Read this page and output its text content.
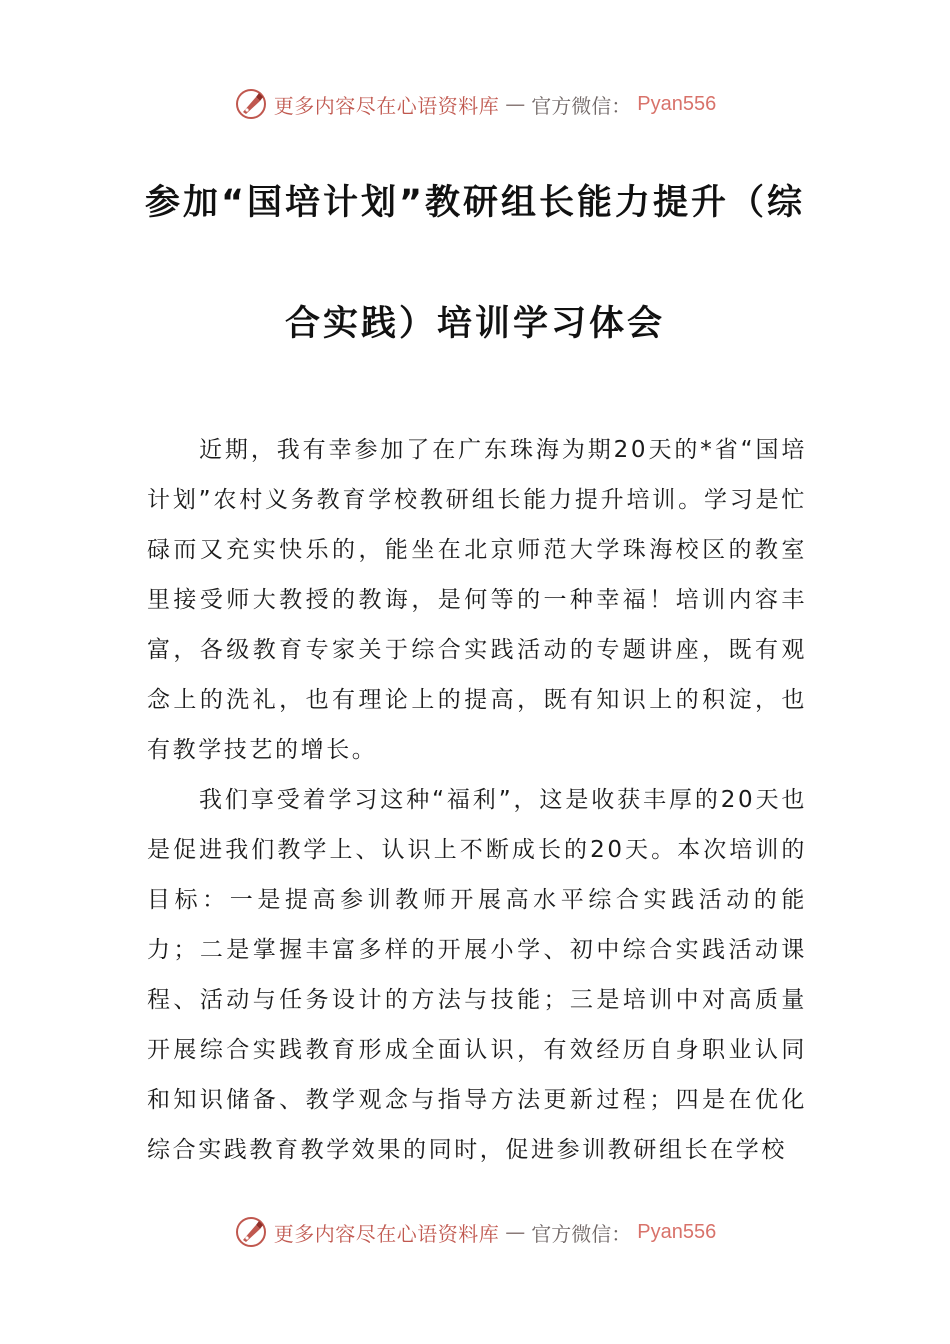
更多内容尽在心语资料库 — 官方微信： Pyan556
参加“国培计划”教研组长能力提升（综
合实践）培训学习体会

近期，我有幸参加了在广东珠海为期20天的*省“国培计划”农村义务教育学校教研组长能力提升培训。学习是忙碌而又充实快乐的，能坐在北京师范大学珠海校区的教室里接受师大教授的教诲，是何等的一种幸福！培训内容丰富，各级教育专家关于综合实践活动的专题讲座，既有观念上的洗礼，也有理论上的提高，既有知识上的积淀，也有教学技艺的增长。

我们享受着学习这种“福利”，这是收获丰厚的20天也是促进我们教学上、认识上不断成长的20天。本次培训的目标：一是提高参训教师开展高水平综合实践活动的能力；二是掌握丰富多样的开展小学、初中综合实践活动课程、活动与任务设计的方法与技能；三是培训中对高质量开展综合实践教育形成全面认识，有效经历自身职业认同和知识储备、教学观念与指导方法更新过程；四是在优化综合实践教育教学效果的同时，促进参训教研组长在学校

更多内容尽在心语资料库 — 官方微信： Pyan556
